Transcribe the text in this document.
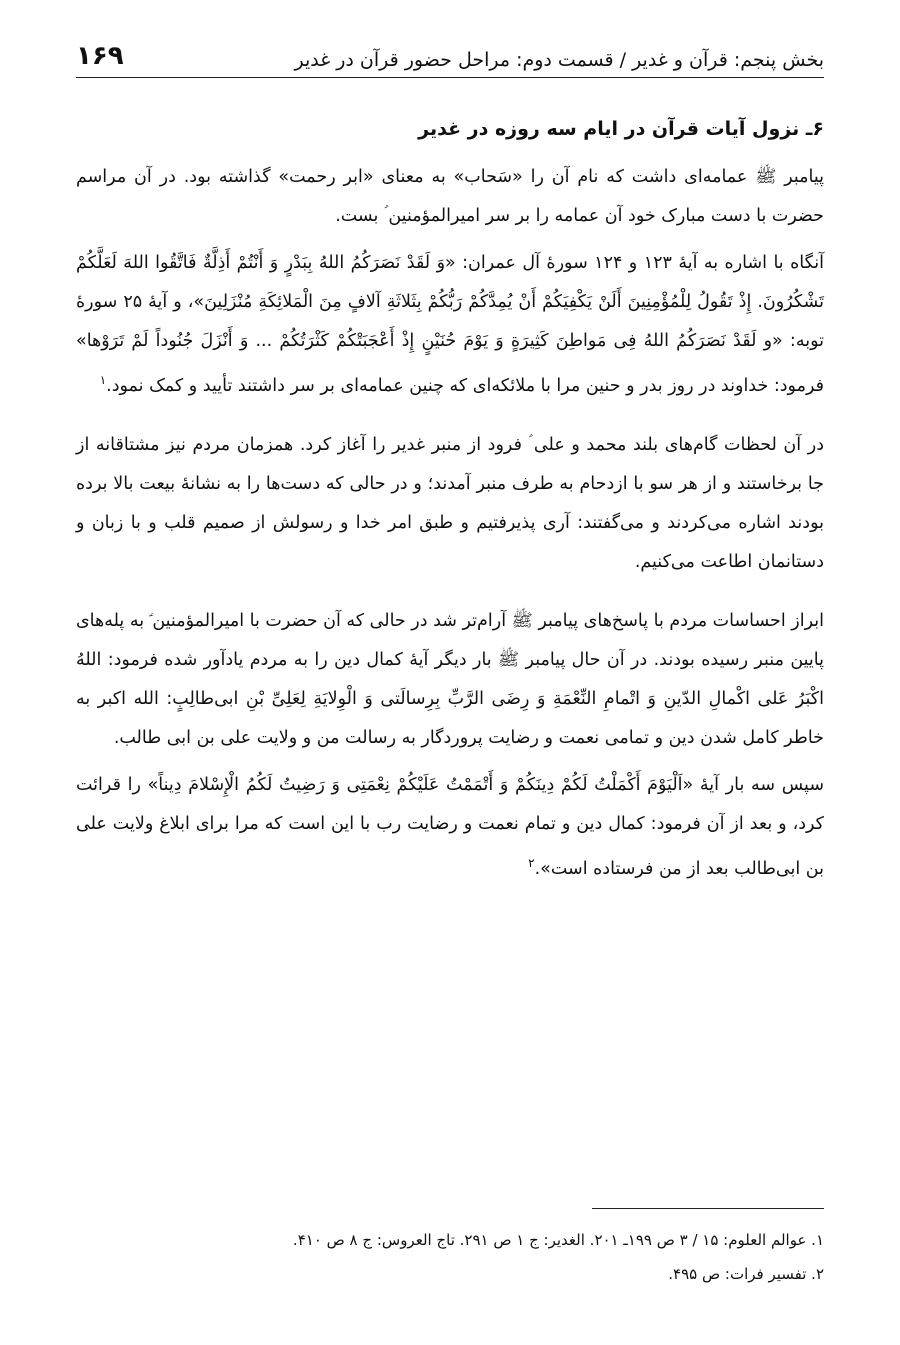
بخش پنجم: قرآن و غدیر / قسمت دوم: مراحل حضور قرآن در غدیر
۱۶۹
۶ـ نزول آیات قرآن در ایام سه روزه در غدیر

پیامبر ﷺ عمامه‌ای داشت که نام آن را «سَحاب» به معنای «ابر رحمت» گذاشته بود. در آن مراسم حضرت با دست مبارک خود آن عمامه را بر سر امیرالمؤمنین ؑ بست.

آنگاه با اشاره به آیهٔ ۱۲۳ و ۱۲۴ سورهٔ آل عمران: «وَ لَقَدْ نَصَرَکُمُ اللهُ بِبَدْرٍ وَ أَنْتُمْ أَذِلَّةٌ فَاتَّقُوا اللهَ لَعَلَّکُمْ تَشْکُرُونَ. إِذْ تَقُولُ لِلْمُؤْمِنِینَ أَلَنْ یَکْفِیَکُمْ أَنْ یُمِدَّکُمْ رَبُّکُمْ بِثَلاثَةِ آلافٍ مِنَ الْمَلائِکَةِ مُنْزَلِینَ»، و آیهٔ ۲۵ سورهٔ توبه: «و لَقَدْ نَصَرَکُمُ اللهُ فِی مَواطِنَ کَثِیرَةٍ وَ یَوْمَ حُنَیْنٍ إِذْ أَعْجَبَتْکُمْ کَثْرَتُکُمْ ... وَ أَنْزَلَ جُنُوداً لَمْ تَرَوْها» فرمود: خداوند در روز بدر و حنین مرا با ملائکه‌ای که چنین عمامه‌ای بر سر داشتند تأیید و کمک نمود.$^۱$

در آن لحظات گام‌های بلند محمد و علی ؑ فرود از منبر غدیر را آغاز کرد. همزمان مردم نیز مشتاقانه از جا برخاستند و از هر سو با ازدحام به طرف منبر آمدند؛ و در حالی که دست‌ها را به نشانهٔ بیعت بالا برده بودند اشاره می‌کردند و می‌گفتند: آری پذیرفتیم و طبق امر خدا و رسولش از صمیم قلب و با زبان و دستانمان اطاعت می‌کنیم.

ابراز احساسات مردم با پاسخ‌های پیامبر ﷺ آرام‌تر شد در حالی که آن حضرت با امیرالمؤمنین ؑ به پله‌های پایین منبر رسیده بودند. در آن حال پیامبر ﷺ بار دیگر آیهٔ کمال دین را به مردم یادآور شده فرمود: اللهُ اکْبَرُ عَلی اکْمالِ الدّینِ وَ اتْمامِ النِّعْمَةِ وَ رِضَی الرَّبِّ بِرِسالَتی وَ الْوِلایَةِ لِعَلِیِّ بْنِ ابی‌طالِبٍ: الله اکبر به خاطر کامل شدن دین و تمامی نعمت و رضایت پروردگار به رسالت من و ولایت علی بن ابی طالب.

سپس سه بار آیهٔ «اَلْیَوْمَ أَکْمَلْتُ لَکُمْ دِینَکُمْ وَ أَتْمَمْتُ عَلَیْکُمْ نِعْمَتِی وَ رَضِیتُ لَکُمُ الْإِسْلامَ دِیناً» را قرائت کرد، و بعد از آن فرمود: کمال دین و تمام نعمت و رضایت رب با این است که مرا برای ابلاغ ولایت علی بن ابی‌طالب بعد از من فرستاده است».$^۲$

۱. عوالم العلوم: ۱۵ / ۳ ص ۱۹۹ـ ۲۰۱. الغدیر: ج ۱ ص ۲۹۱. تاج العروس: ج ۸ ص ۴۱۰.

۲. تفسیر فرات: ص ۴۹۵.
